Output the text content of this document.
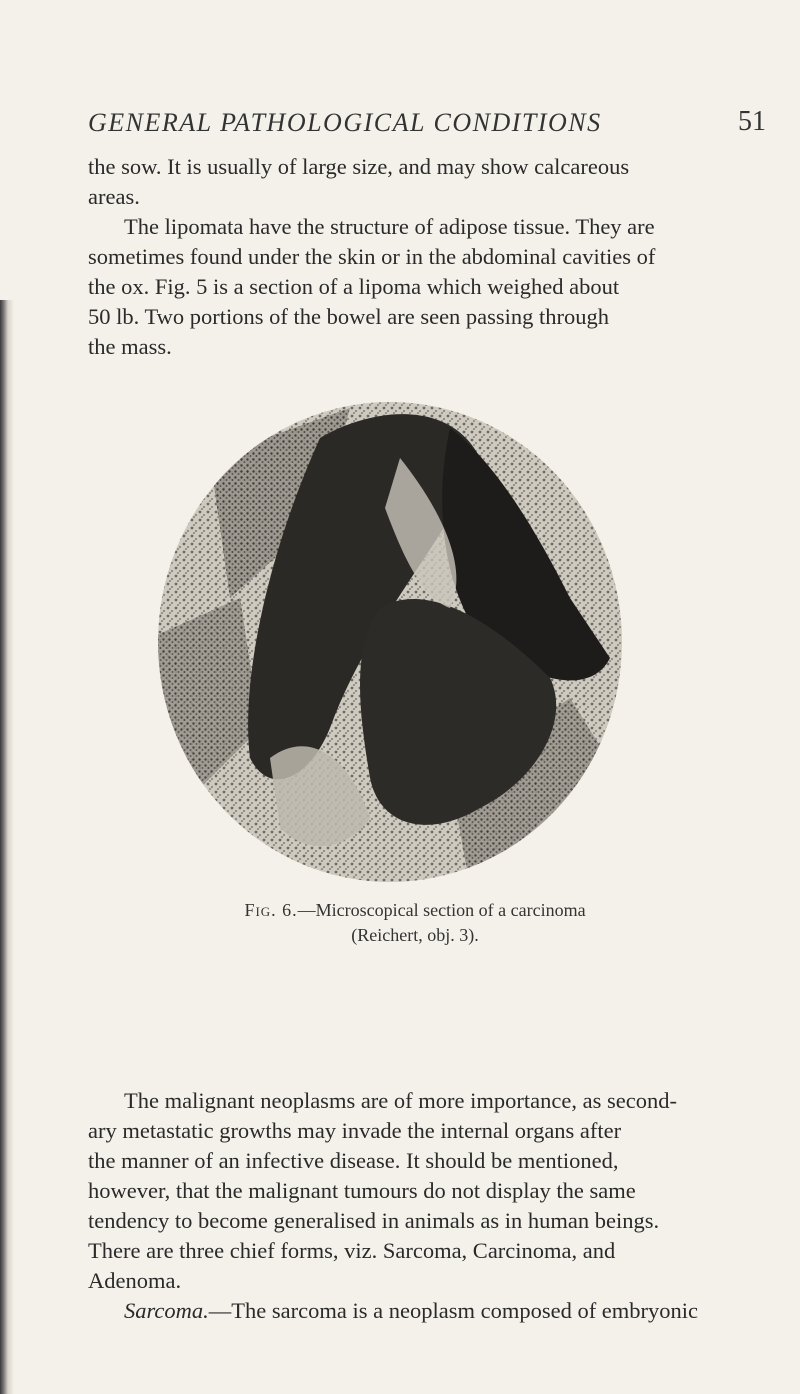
GENERAL PATHOLOGICAL CONDITIONS	51

the sow. It is usually of large size, and may show calcareous

areas.

The lipomata have the structure of adipose tissue. They are

sometimes found under the skin or in the abdominal cavities of

the ox. Fig. 5 is a section of a lipoma which weighed about

50 lb. Two portions of the bowel are seen passing through

the mass.

Fig. 6.—Microscopical section of a carcinoma
(Reichert, obj. 3).

The malignant neoplasms are of more importance, as second-

ary metastatic growths may invade the internal organs after

the manner of an infective disease. It should be mentioned,

however, that the malignant tumours do not display the same

tendency to become generalised in animals as in human beings.

There are three chief forms, viz. Sarcoma, Carcinoma, and

Adenoma.

Sarcoma.—The sarcoma is a neoplasm composed of embryonic
